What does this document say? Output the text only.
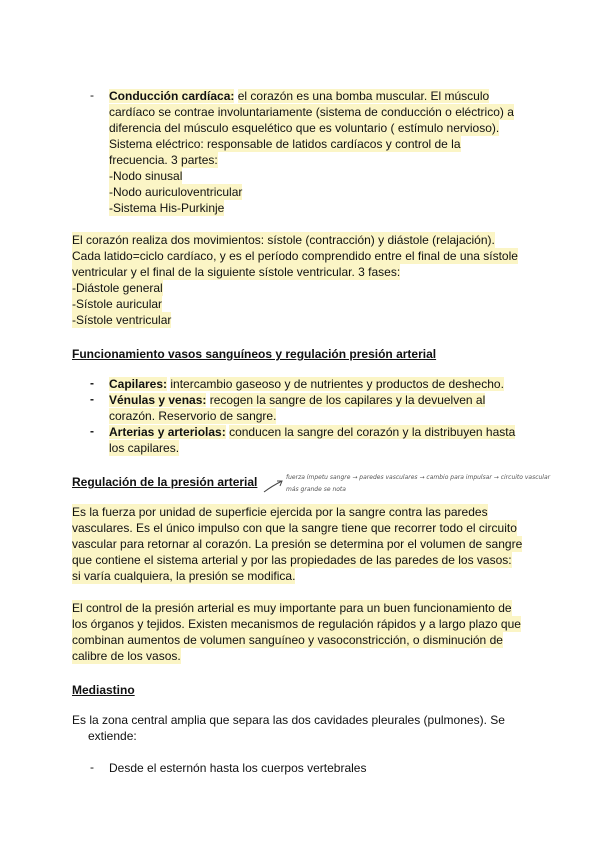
- Conducción cardíaca: el corazón es una bomba muscular. El músculo
cardíaco se contrae involuntariamente (sistema de conducción o eléctrico) a
diferencia del músculo esquelético que es voluntario ( estímulo nervioso).
Sistema eléctrico: responsable de latidos cardíacos y control de la
frecuencia. 3 partes:
-Nodo sinusal
-Nodo auriculoventricular
-Sistema His-Purkinje
El corazón realiza dos movimientos: sístole (contracción) y diástole (relajación).
Cada latido=ciclo cardíaco, y es el período comprendido entre el final de una sístole
ventricular y el final de la siguiente sístole ventricular. 3 fases:
-Diástole general
-Sístole auricular
-Sístole ventricular
Funcionamiento vasos sanguíneos y regulación presión arterial
- Capilares: intercambio gaseoso y de nutrientes y productos de deshecho.
- Vénulas y venas: recogen la sangre de los capilares y la devuelven al
corazón. Reservorio de sangre.
- Arterias y arteriolas: conducen la sangre del corazón y la distribuyen hasta
los capilares.
Regulación de la presión arterial	fuerza ímpetu sangre → paredes vasculares → cambio para impulsar → circuito vascular
más grande se nota
Es la fuerza por unidad de superficie ejercida por la sangre contra las paredes
vasculares. Es el único impulso con que la sangre tiene que recorrer todo el circuito
vascular para retornar al corazón. La presión se determina por el volumen de sangre
que contiene el sistema arterial y por las propiedades de las paredes de los vasos:
si varía cualquiera, la presión se modifica.
El control de la presión arterial es muy importante para un buen funcionamiento de
los órganos y tejidos. Existen mecanismos de regulación rápidos y a largo plazo que
combinan aumentos de volumen sanguíneo y vasoconstricción, o disminución de
calibre de los vasos.
Mediastino
Es la zona central amplia que separa las dos cavidades pleurales (pulmones). Se
extiende:
- Desde el esternón hasta los cuerpos vertebrales
